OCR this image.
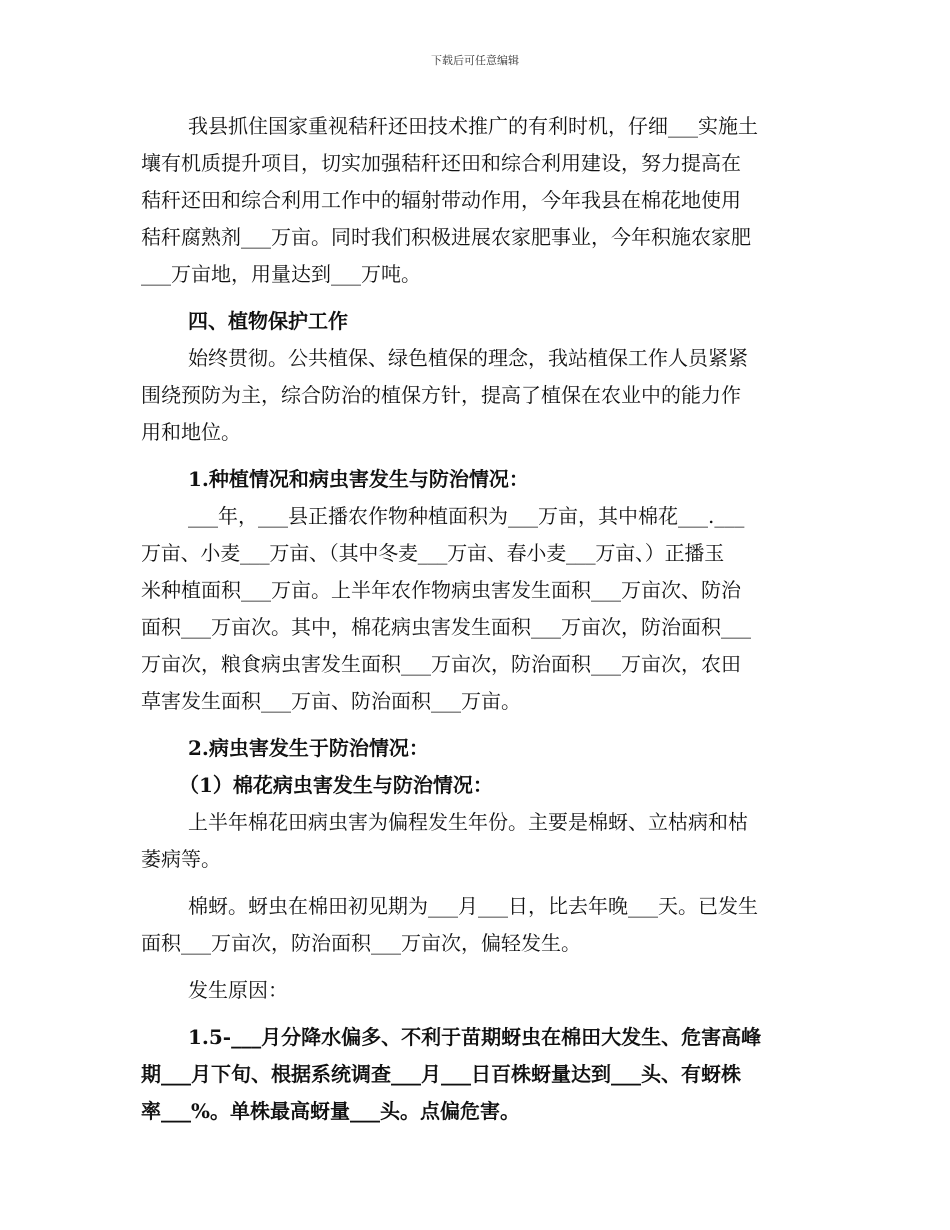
下载后可任意编辑
我县抓住国家重视秸秆还田技术推广的有利时机，仔细___实施土
壤有机质提升项目，切实加强秸秆还田和综合利用建设，努力提高在
秸秆还田和综合利用工作中的辐射带动作用，今年我县在棉花地使用
秸秆腐熟剂___万亩。同时我们积极进展农家肥事业，今年积施农家肥
___万亩地，用量达到___万吨。
四、植物保护工作
始终贯彻。公共植保、绿色植保的理念，我站植保工作人员紧紧
围绕预防为主，综合防治的植保方针，提高了植保在农业中的能力作
用和地位。
1.种植情况和病虫害发生与防治情况：
___年，___县正播农作物种植面积为___万亩，其中棉花___.___
万亩、小麦___万亩、（其中冬麦___万亩、春小麦___万亩、）正播玉
米种植面积___万亩。上半年农作物病虫害发生面积___万亩次、防治
面积___万亩次。其中，棉花病虫害发生面积___万亩次，防治面积___
万亩次，粮食病虫害发生面积___万亩次，防治面积___万亩次，农田
草害发生面积___万亩、防治面积___万亩。
2.病虫害发生于防治情况：
（1）棉花病虫害发生与防治情况：
上半年棉花田病虫害为偏程发生年份。主要是棉蚜、立枯病和枯
萎病等。
棉蚜。蚜虫在棉田初见期为___月___日，比去年晚___天。已发生
面积___万亩次，防治面积___万亩次，偏轻发生。
发生原因：
1.5-___月分降水偏多、不利于苗期蚜虫在棉田大发生、危害高峰
期___月下旬、根据系统调查___月___日百株蚜量达到___头、有蚜株
率___%。单株最高蚜量___头。点偏危害。
